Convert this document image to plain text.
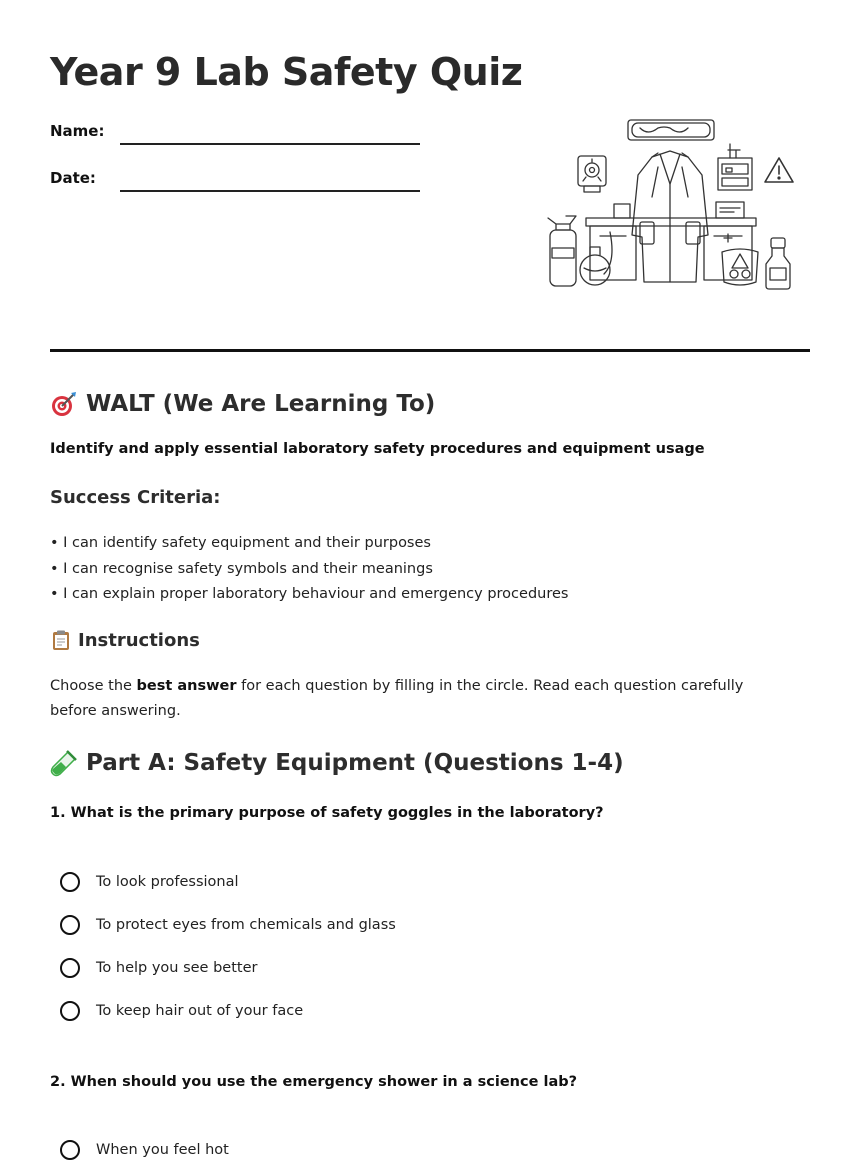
Year 9 Lab Safety Quiz
Name:
Date:
WALT (We Are Learning To)
Identify and apply essential laboratory safety procedures and equipment usage
Success Criteria:
• I can identify safety equipment and their purposes
• I can recognise safety symbols and their meanings
• I can explain proper laboratory behaviour and emergency procedures
Instructions
Choose the best answer for each question by filling in the circle. Read each question carefully before answering.
Part A: Safety Equipment (Questions 1-4)
1. What is the primary purpose of safety goggles in the laboratory?
To look professional
To protect eyes from chemicals and glass
To help you see better
To keep hair out of your face
2. When should you use the emergency shower in a science lab?
When you feel hot
